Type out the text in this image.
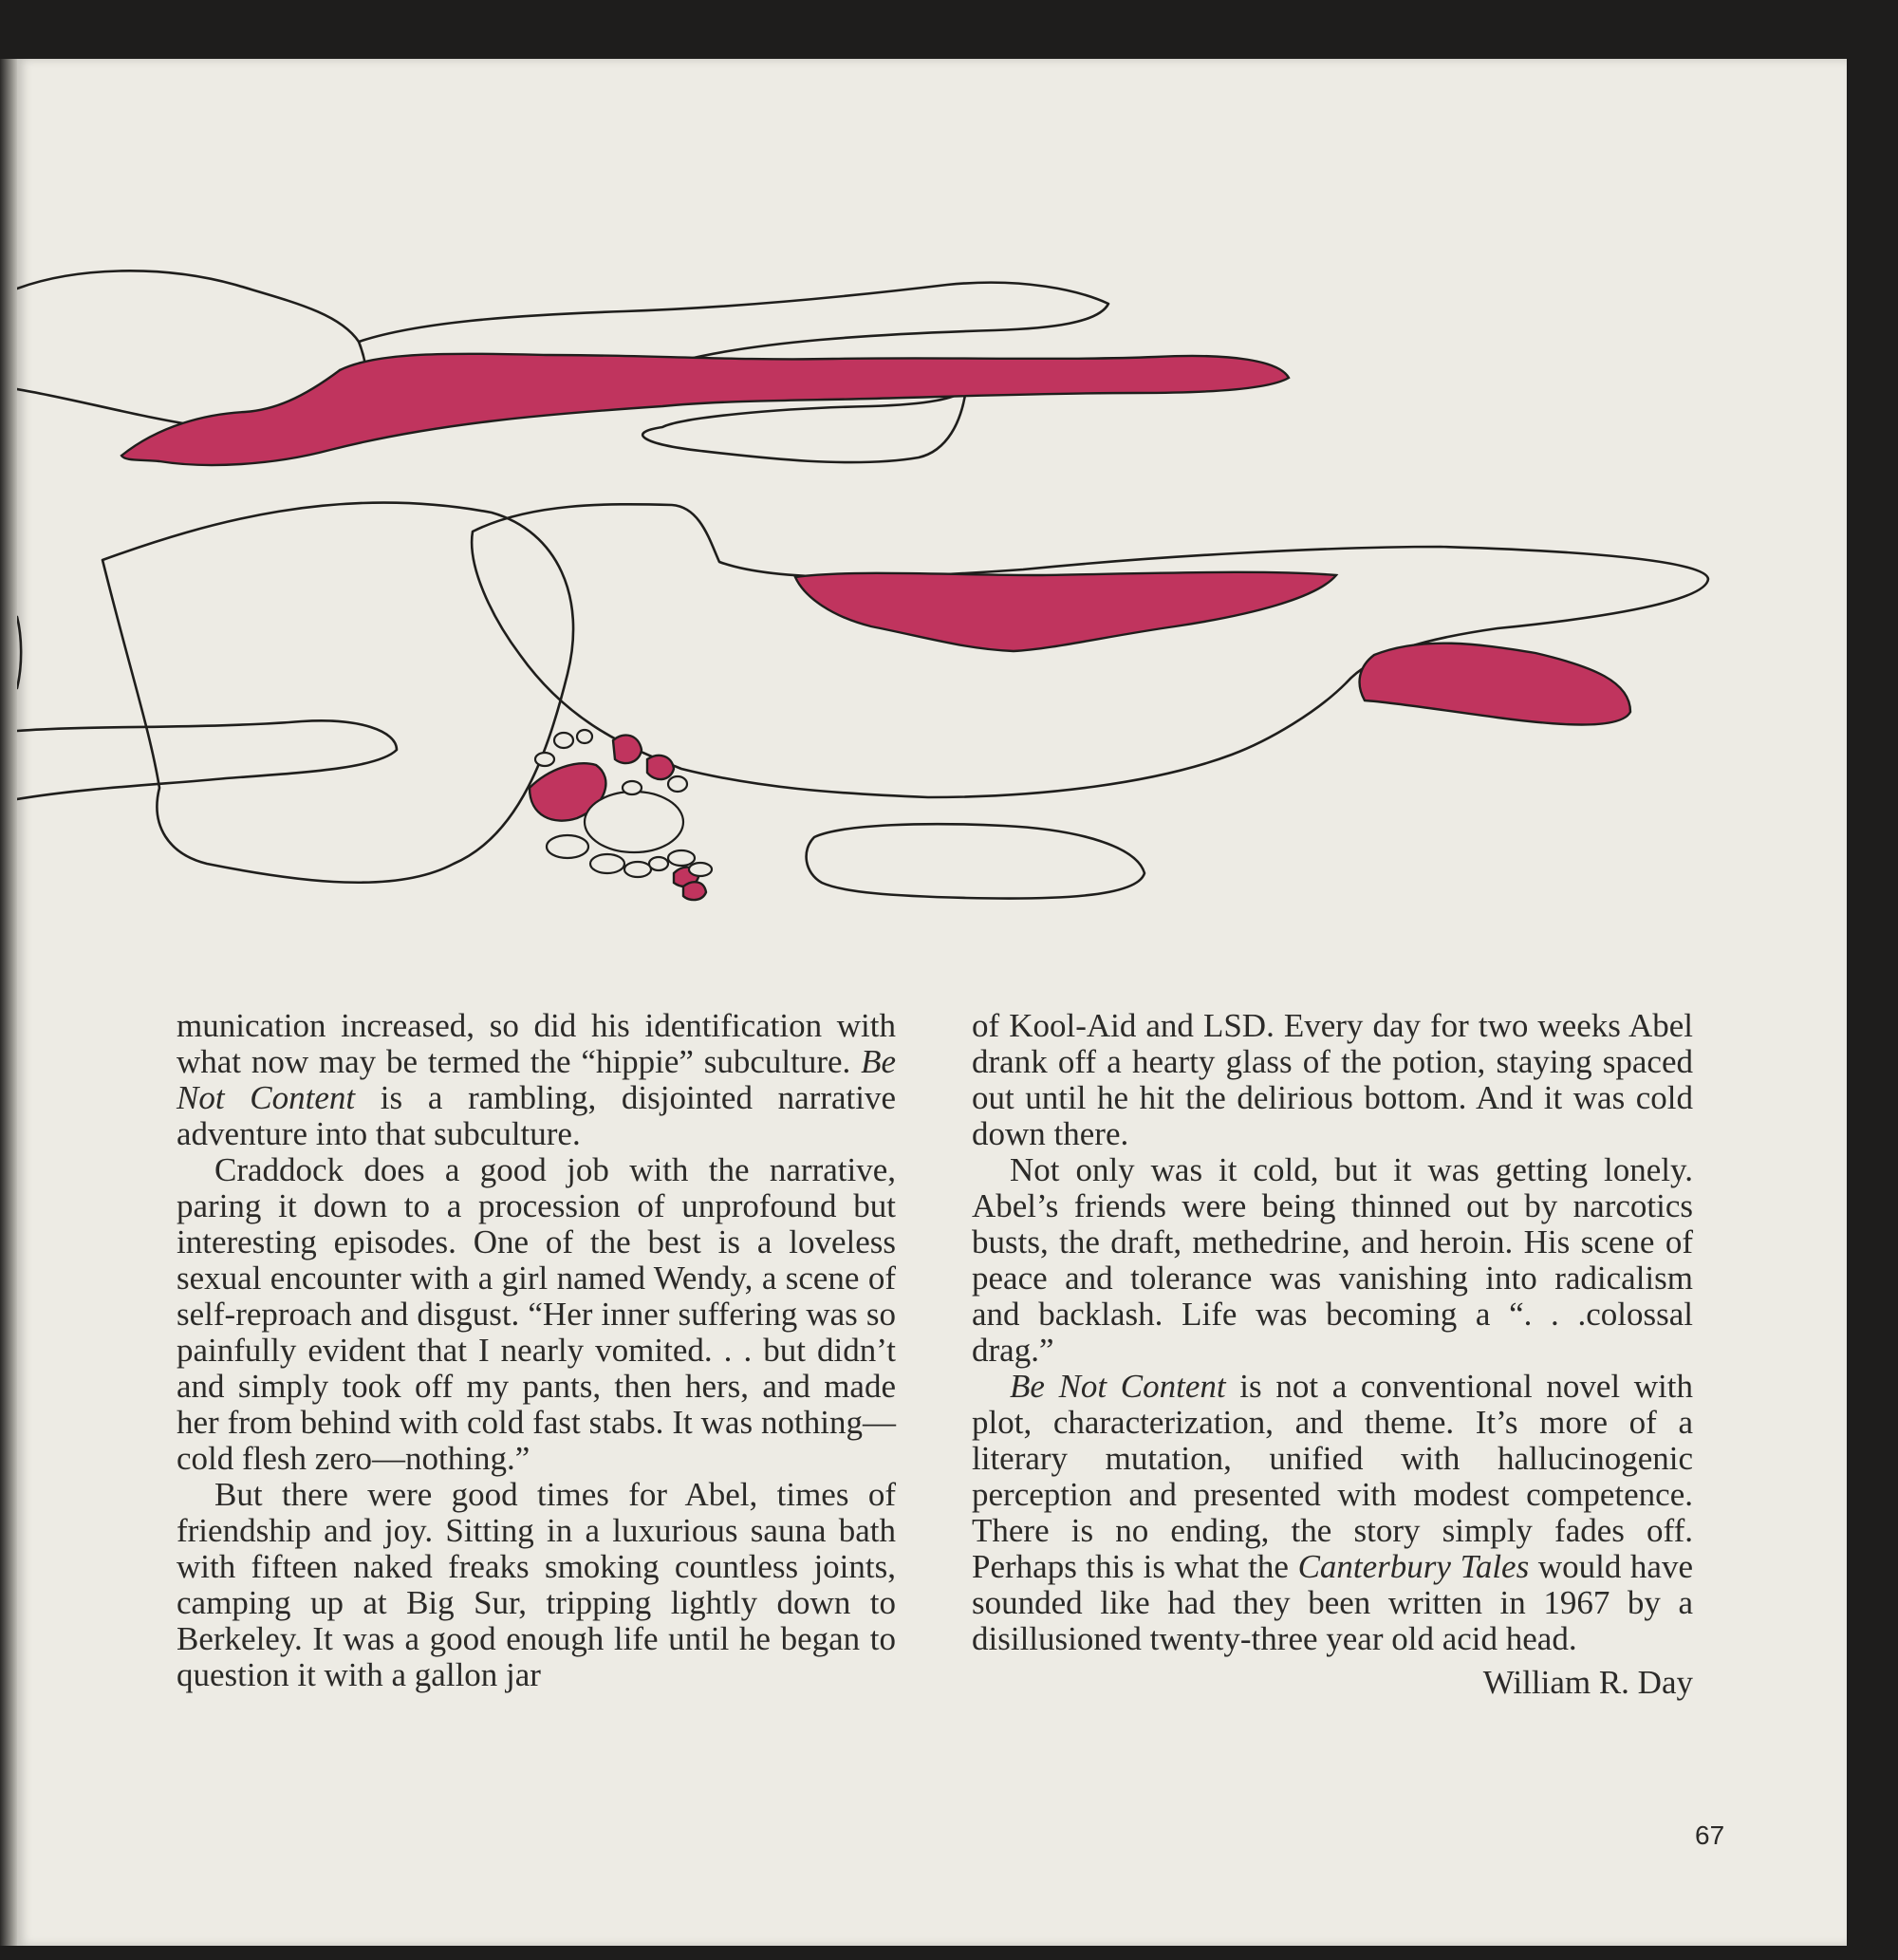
munication increased, so did his identification with what now may be termed the “hippie” subculture. Be Not Content is a rambling, disjointed narrative adventure into that subculture.

Craddock does a good job with the narrative, paring it down to a procession of unprofound but interesting episodes. One of the best is a loveless sexual encounter with a girl named Wendy, a scene of self-reproach and disgust. “Her inner suffering was so painfully evident that I nearly vomited. . . but didn’t and simply took off my pants, then hers, and made her from behind with cold fast stabs. It was nothing—cold flesh zero—nothing.”

But there were good times for Abel, times of friendship and joy. Sitting in a luxurious sauna bath with fifteen naked freaks smoking countless joints, camping up at Big Sur, tripping lightly down to Berkeley. It was a good enough life until he began to question it with a gallon jar

of Kool-Aid and LSD. Every day for two weeks Abel drank off a hearty glass of the potion, staying spaced out until he hit the delirious bottom. And it was cold down there.

Not only was it cold, but it was getting lonely. Abel’s friends were being thinned out by narcotics busts, the draft, methedrine, and heroin. His scene of peace and tolerance was vanishing into radicalism and backlash. Life was becoming a “. . .colossal drag.”

Be Not Content is not a conventional novel with plot, characterization, and theme. It’s more of a literary mutation, unified with hallucinogenic perception and presented with modest competence. There is no ending, the story simply fades off. Perhaps this is what the Canterbury Tales would have sounded like had they been written in 1967 by a disillusioned twenty-three year old acid head.

William R. Day

67
